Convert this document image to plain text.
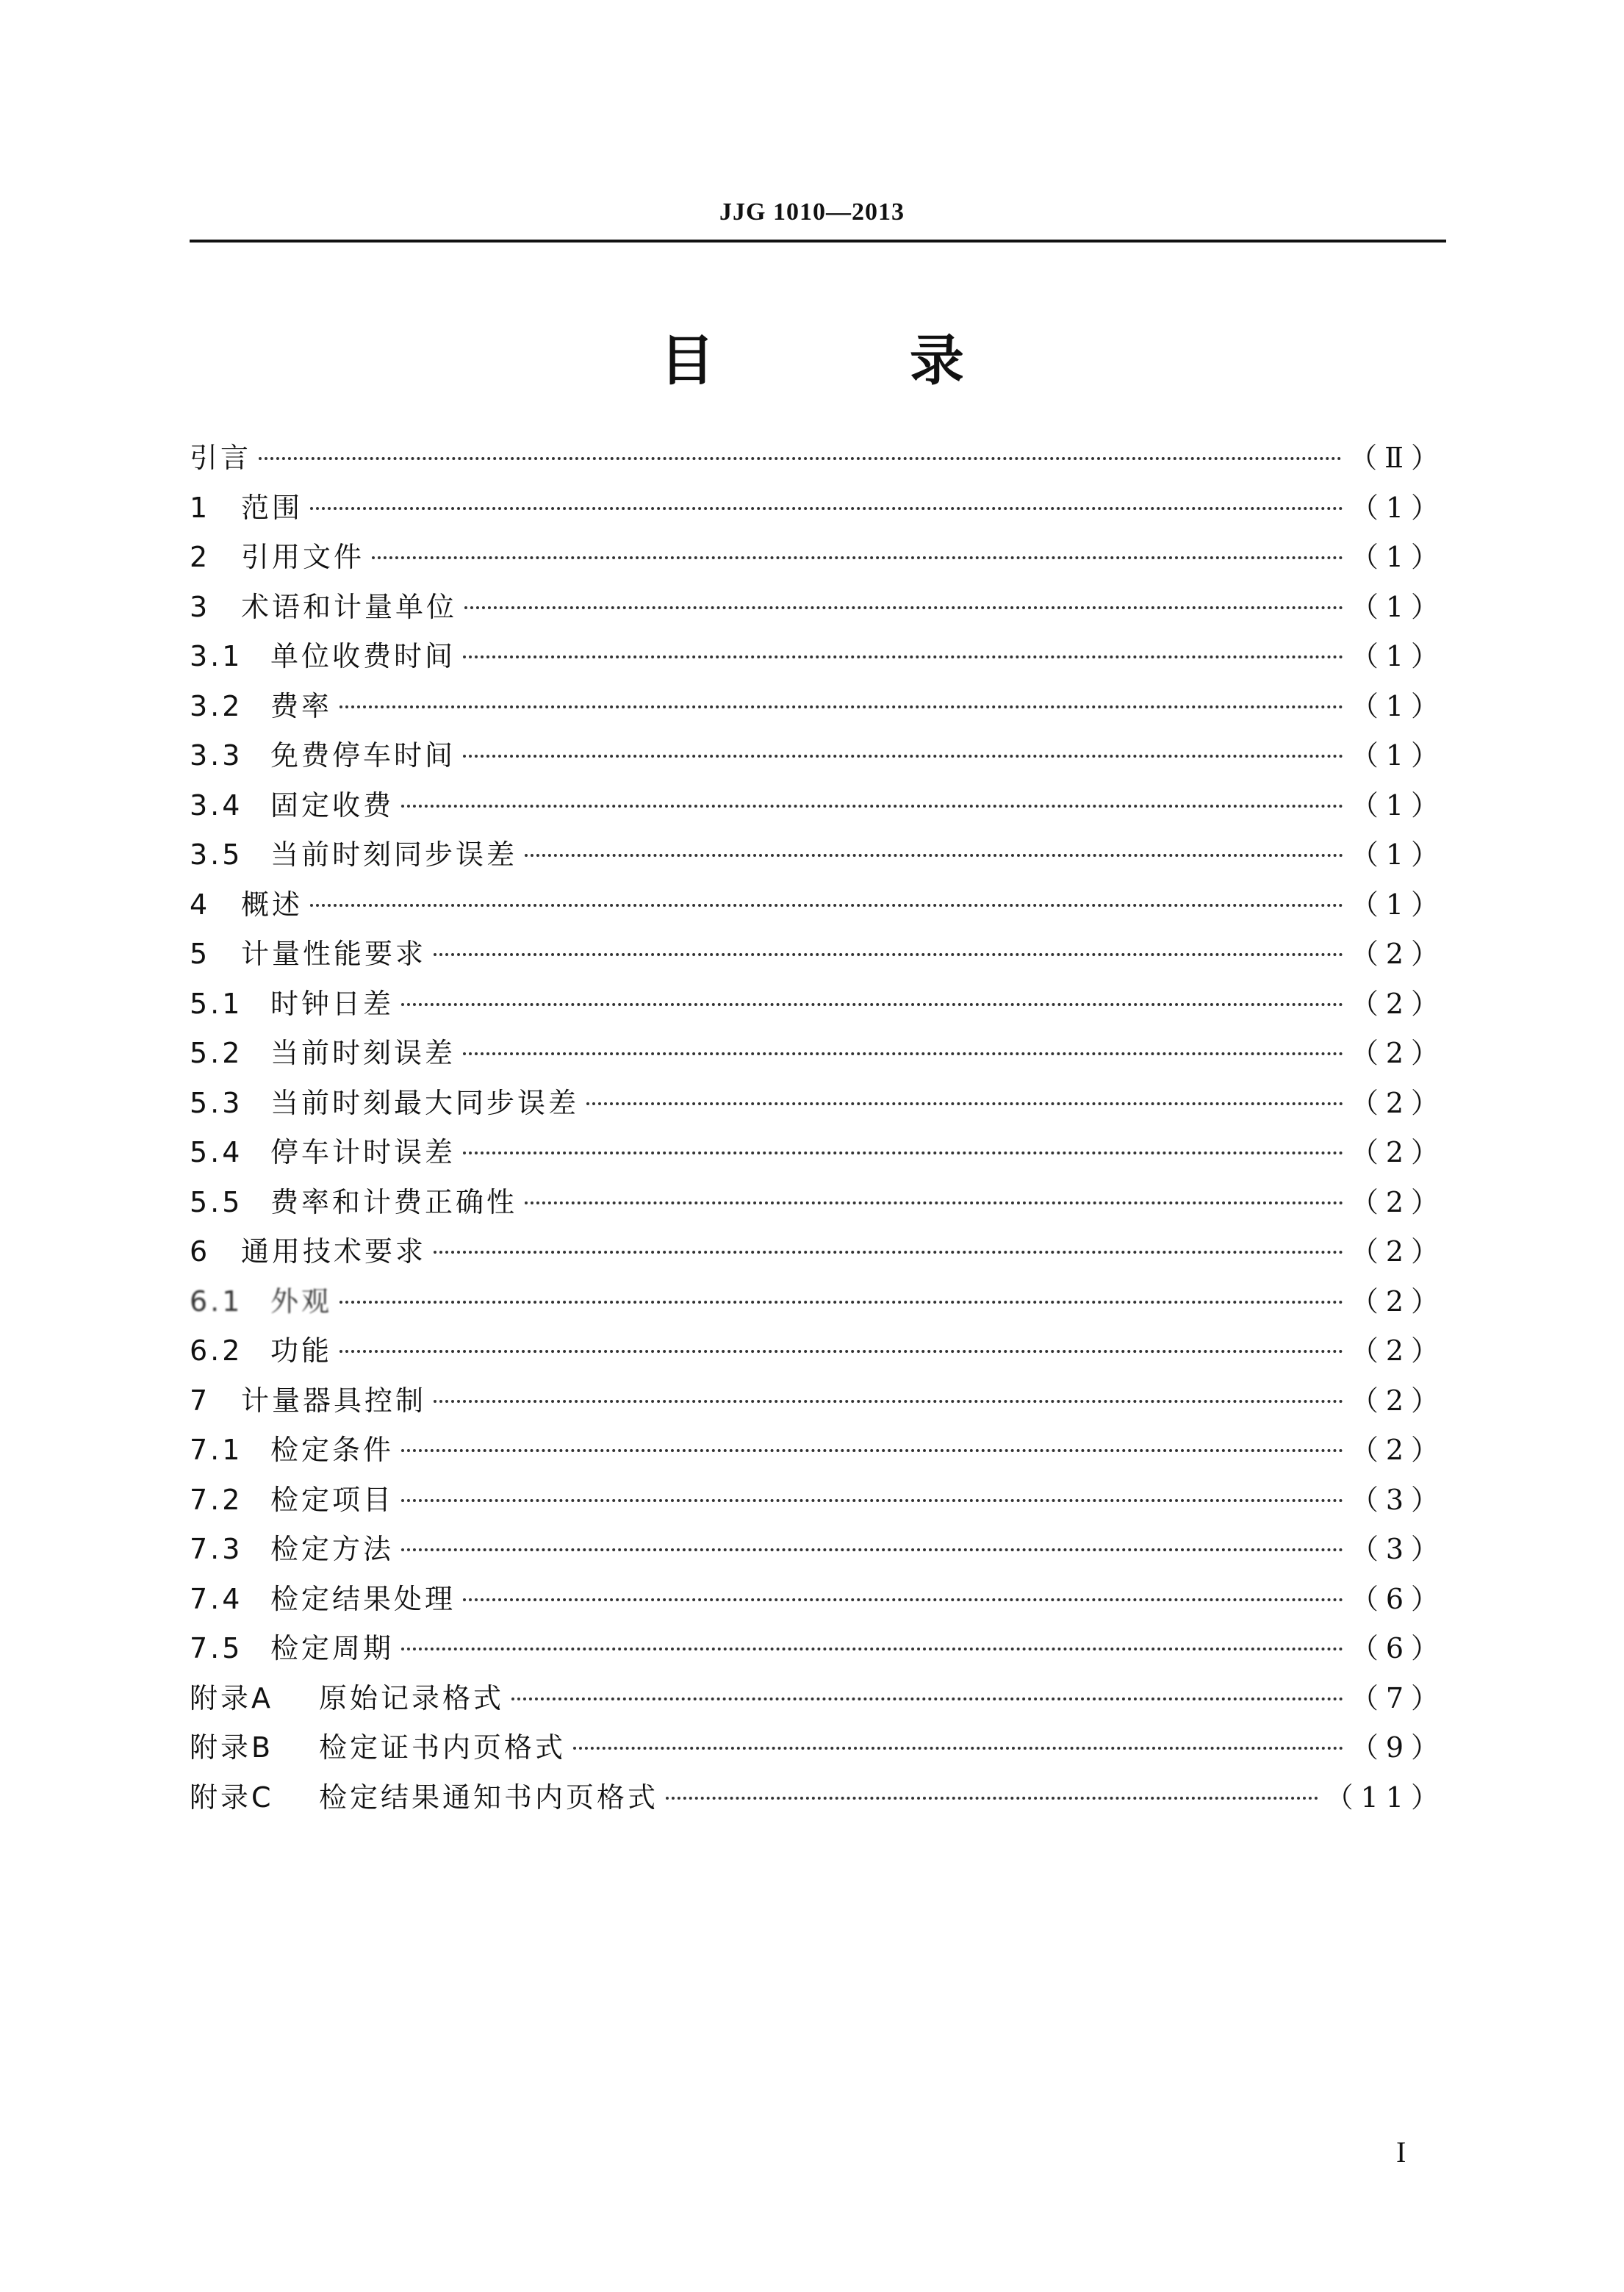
JJG 1010—2013
目 录
引言	（Ⅱ）
1	范围	（1）
2	引用文件	（1）
3	术语和计量单位	（1）
3.1 单位收费时间	（1）
3.2 费率	（1）
3.3 免费停车时间	（1）
3.4 固定收费	（1）
3.5 当前时刻同步误差	（1）
4	概述	（1）
5	计量性能要求	（2）
5.1 时钟日差	（2）
5.2 当前时刻误差	（2）
5.3 当前时刻最大同步误差	（2）
5.4 停车计时误差	（2）
5.5 费率和计费正确性	（2）
6	通用技术要求	（2）
6.1 外观	（2）
6.2 功能	（2）
7	计量器具控制	（2）
7.1 检定条件	（2）
7.2 检定项目	（3）
7.3 检定方法	（3）
7.4 检定结果处理	（6）
7.5 检定周期	（6）
附录A	原始记录格式	（7）
附录B	检定证书内页格式	（9）
附录C	检定结果通知书内页格式	（11）
I
